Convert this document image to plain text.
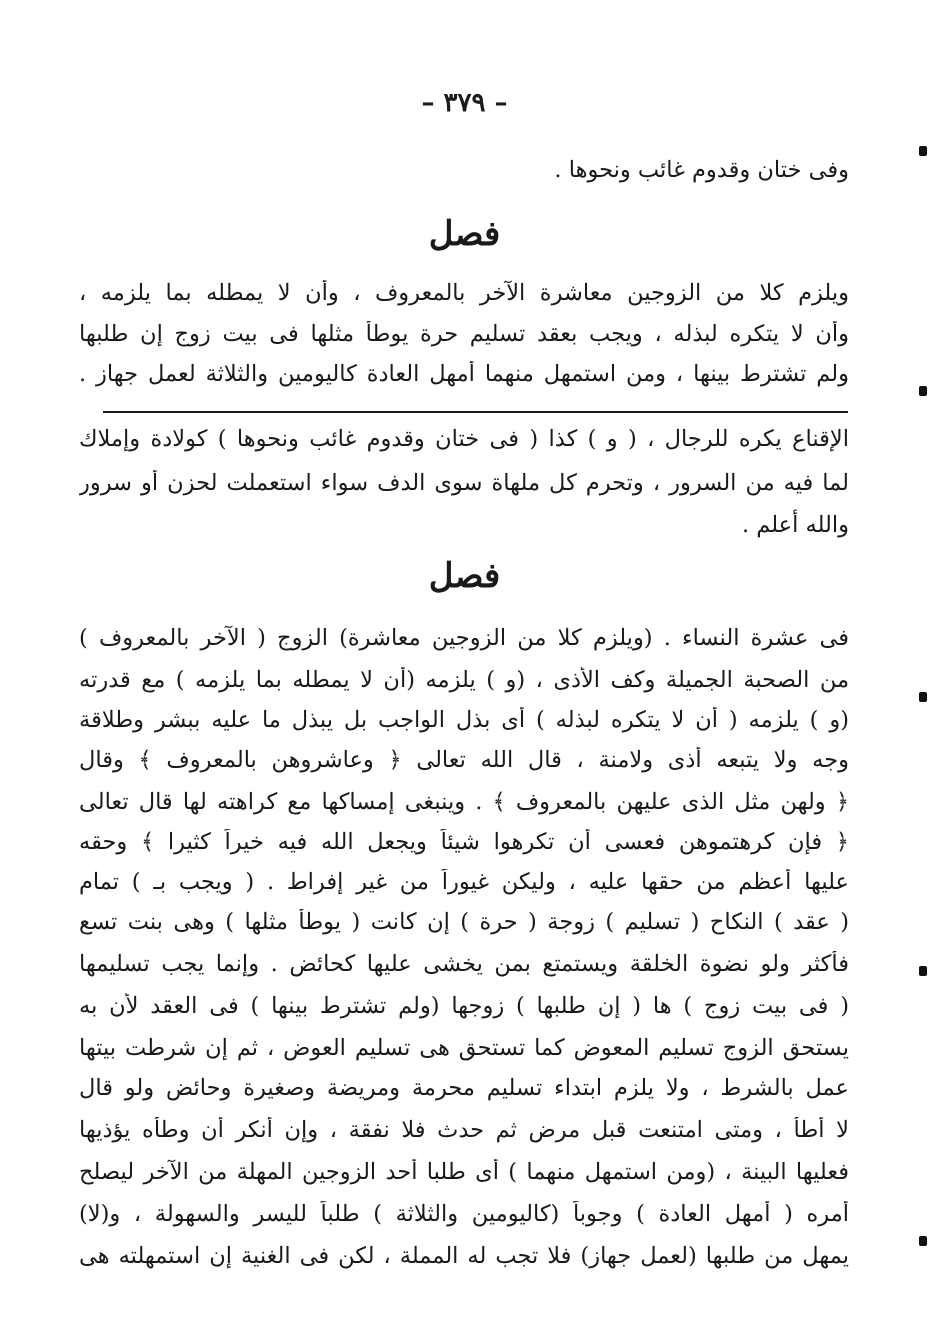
– ٣٧٩ –
وفى ختان وقدوم غائب ونحوها .
فصل
ويلزم كلا من الزوجين معاشرة الآخر بالمعروف ، وأن لا يمطله بما يلزمه ،
وأن لا يتكره لبذله ، ويجب بعقد تسليم حرة يوطأ مثلها فى بيت زوج إن طلبها
ولم تشترط بينها ، ومن استمهل منهما أمهل العادة كاليومين والثلاثة لعمل جهاز .
الإقناع يكره للرجال ، ( و ) كذا ( فى ختان وقدوم غائب ونحوها ) كولادة وإملاك
لما فيه من السرور ، وتحرم كل ملهاة سوى الدف سواء استعملت لحزن أو سرور
والله أعلم .
فصل
فى عشرة النساء . (ويلزم كلا من الزوجين معاشرة) الزوج ( الآخر بالمعروف )
من الصحبة الجميلة وكف الأذى ، (و ) يلزمه (أن لا يمطله بما يلزمه ) مع قدرته
(و ) يلزمه ( أن لا يتكره لبذله ) أى بذل الواجب بل يبذل ما عليه ببشر وطلاقة
وجه ولا يتبعه أذى ولامنة ، قال الله تعالى ﴿ وعاشروهن بالمعروف ﴾ وقال
﴿ ولهن مثل الذى عليهن بالمعروف ﴾ . وينبغى إمساكها مع كراهته لها قال تعالى
﴿ فإن كرهتموهن فعسى أن تكرهوا شيئاً ويجعل الله فيه خيراً كثيرا ﴾ وحقه
عليها أعظم من حقها عليه ، وليكن غيوراً من غير إفراط . ( ويجب بـ ) تمام
( عقد ) النكاح ( تسليم ) زوجة ( حرة ) إن كانت ( يوطأ مثلها ) وهى بنت تسع
فأكثر ولو نضوة الخلقة ويستمتع بمن يخشى عليها كحائض . وإنما يجب تسليمها
( فى بيت زوج ) ها ( إن طلبها ) زوجها (ولم تشترط بينها ) فى العقد لأن به
يستحق الزوج تسليم المعوض كما تستحق هى تسليم العوض ، ثم إن شرطت بيتها
عمل بالشرط ، ولا يلزم ابتداء تسليم محرمة ومريضة وصغيرة وحائض ولو قال
لا أطأ ، ومتى امتنعت قبل مرض ثم حدث فلا نفقة ، وإن أنكر أن وطأه يؤذيها
فعليها البينة ، (ومن استمهل منهما ) أى طلبا أحد الزوجين المهلة من الآخر ليصلح
أمره ( أمهل العادة ) وجوباً (كاليومين والثلاثة ) طلباً لليسر والسهولة ، و(لا)
يمهل من طلبها (لعمل جهاز) فلا تجب له المملة ، لكن فى الغنية إن استمهلته هى
